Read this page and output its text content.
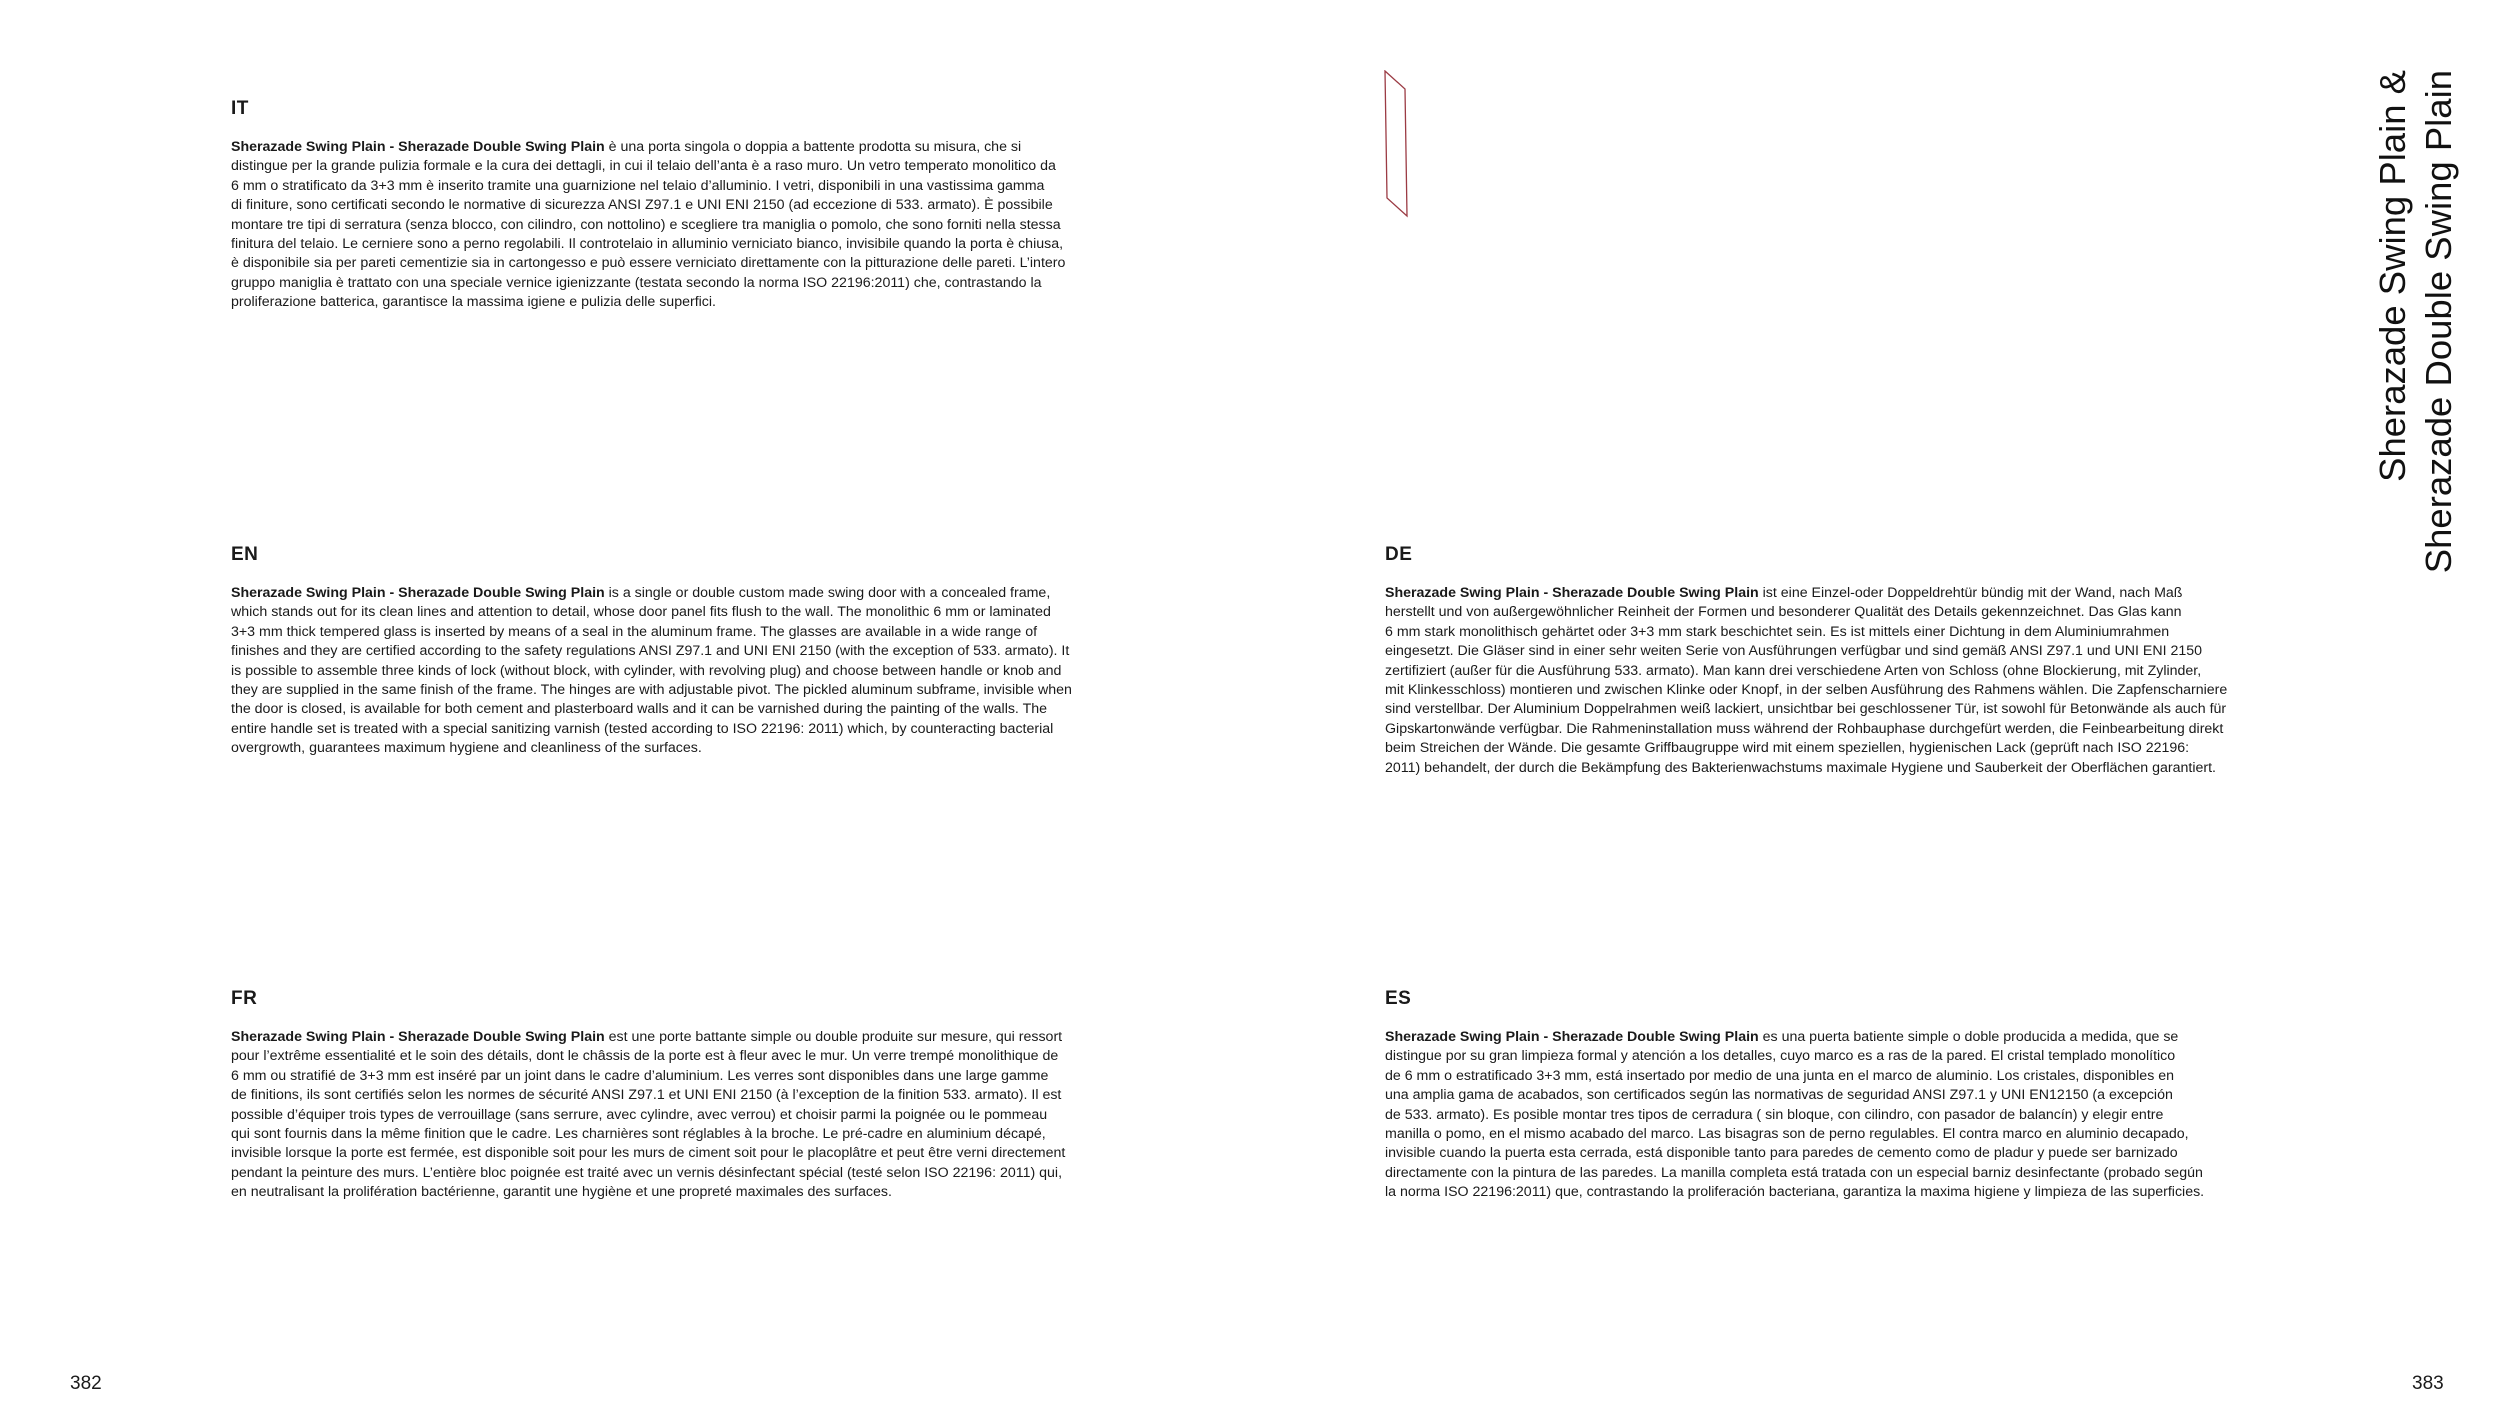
IT

Sherazade Swing Plain - Sherazade Double Swing Plain è una porta singola o doppia a battente prodotta su misura, che si
distingue per la grande pulizia formale e la cura dei dettagli, in cui il telaio dell’anta è a raso muro. Un vetro temperato monolitico da
6 mm o stratificato da 3+3 mm è inserito tramite una guarnizione nel telaio d’alluminio. I vetri, disponibili in una vastissima gamma
di finiture, sono certificati secondo le normative di sicurezza ANSI Z97.1 e UNI ENI 2150 (ad eccezione di 533. armato). È possibile
montare tre tipi di serratura (senza blocco, con cilindro, con nottolino) e scegliere tra maniglia o pomolo, che sono forniti nella stessa
finitura del telaio. Le cerniere sono a perno regolabili. Il controtelaio in alluminio verniciato bianco, invisibile quando la porta è chiusa,
è disponibile sia per pareti cementizie sia in cartongesso e può essere verniciato direttamente con la pitturazione delle pareti. L’intero
gruppo maniglia è trattato con una speciale vernice igienizzante (testata secondo la norma ISO 22196:2011) che, contrastando la
proliferazione batterica, garantisce la massima igiene e pulizia delle superfici.

EN

Sherazade Swing Plain - Sherazade Double Swing Plain is a single or double custom made swing door with a concealed frame,
which stands out for its clean lines and attention to detail, whose door panel fits flush to the wall. The monolithic 6 mm or laminated
3+3 mm thick tempered glass is inserted by means of a seal in the aluminum frame. The glasses are available in a wide range of
finishes and they are certified according to the safety regulations ANSI Z97.1 and UNI ENI 2150 (with the exception of 533. armato). It
is possible to assemble three kinds of lock (without block, with cylinder, with revolving plug) and choose between handle or knob and
they are supplied in the same finish of the frame. The hinges are with adjustable pivot. The pickled aluminum subframe, invisible when
the door is closed, is available for both cement and plasterboard walls and it can be varnished during the painting of the walls. The
entire handle set is treated with a special sanitizing varnish (tested according to ISO 22196: 2011) which, by counteracting bacterial
overgrowth, guarantees maximum hygiene and cleanliness of the surfaces.

FR

Sherazade Swing Plain - Sherazade Double Swing Plain est une porte battante simple ou double produite sur mesure, qui ressort
pour l’extrême essentialité et le soin des détails, dont le châssis de la porte est à fleur avec le mur. Un verre trempé monolithique de
6 mm ou stratifié de 3+3 mm est inséré par un joint dans le cadre d’aluminium. Les verres sont disponibles dans une large gamme
de finitions, ils sont certifiés selon les normes de sécurité ANSI Z97.1 et UNI ENI 2150 (à l’exception de la finition 533. armato). Il est
possible d’équiper trois types de verrouillage (sans serrure, avec cylindre, avec verrou) et choisir parmi la poignée ou le pommeau
qui sont fournis dans la même finition que le cadre. Les charnières sont réglables à la broche. Le pré-cadre en aluminium décapé,
invisible lorsque la porte est fermée, est disponible soit pour les murs de ciment soit pour le placoplâtre et peut être verni directement
pendant la peinture des murs. L’entière bloc poignée est traité avec un vernis désinfectant spécial (testé selon ISO 22196: 2011) qui,
en neutralisant la prolifération bactérienne, garantit une hygiène et une propreté maximales des surfaces.

DE

Sherazade Swing Plain - Sherazade Double Swing Plain ist eine Einzel-oder Doppeldrehtür bündig mit der Wand, nach Maß
herstellt und von außergewöhnlicher Reinheit der Formen und besonderer Qualität des Details gekennzeichnet. Das Glas kann
6 mm stark monolithisch gehärtet oder 3+3 mm stark beschichtet sein. Es ist mittels einer Dichtung in dem Aluminiumrahmen
eingesetzt. Die Gläser sind in einer sehr weiten Serie von Ausführungen verfügbar und sind gemäß ANSI Z97.1 und UNI ENI 2150
zertifiziert (außer für die Ausführung 533. armato). Man kann drei verschiedene Arten von Schloss (ohne Blockierung, mit Zylinder,
mit Klinkesschloss) montieren und zwischen Klinke oder Knopf, in der selben Ausführung des Rahmens wählen. Die Zapfenscharniere
sind verstellbar. Der Aluminium Doppelrahmen weiß lackiert, unsichtbar bei geschlossener Tür, ist sowohl für Betonwände als auch für
Gipskartonwände verfügbar. Die Rahmeninstallation muss während der Rohbauphase durchgefürt werden, die Feinbearbeitung direkt
beim Streichen der Wände. Die gesamte Griffbaugruppe wird mit einem speziellen, hygienischen Lack (geprüft nach ISO 22196:
2011) behandelt, der durch die Bekämpfung des Bakterienwachstums maximale Hygiene und Sauberkeit der Oberflächen garantiert.

ES

Sherazade Swing Plain - Sherazade Double Swing Plain es una puerta batiente simple o doble producida a medida, que se
distingue por su gran limpieza formal y atención a los detalles, cuyo marco es a ras de la pared. El cristal templado monolítico
de 6 mm o estratificado 3+3 mm, está insertado por medio de una junta en el marco de aluminio. Los cristales, disponibles en
una amplia gama de acabados, son certificados según las normativas de seguridad ANSI Z97.1 y UNI EN12150 (a excepción
de 533. armato). Es posible montar tres tipos de cerradura ( sin bloque, con cilindro, con pasador de balancín) y elegir entre
manilla o pomo, en el mismo acabado del marco. Las bisagras son de perno regulables. El contra marco en aluminio decapado,
invisible cuando la puerta esta cerrada, está disponible tanto para paredes de cemento como de pladur y puede ser barnizado
directamente con la pintura de las paredes. La manilla completa está tratada con un especial barniz desinfectante (probado según
la norma ISO 22196:2011) que, contrastando la proliferación bacteriana, garantiza la maxima higiene y limpieza de las superficies.

Sherazade Swing Plain & Sherazade Double Swing Plain
382	383
